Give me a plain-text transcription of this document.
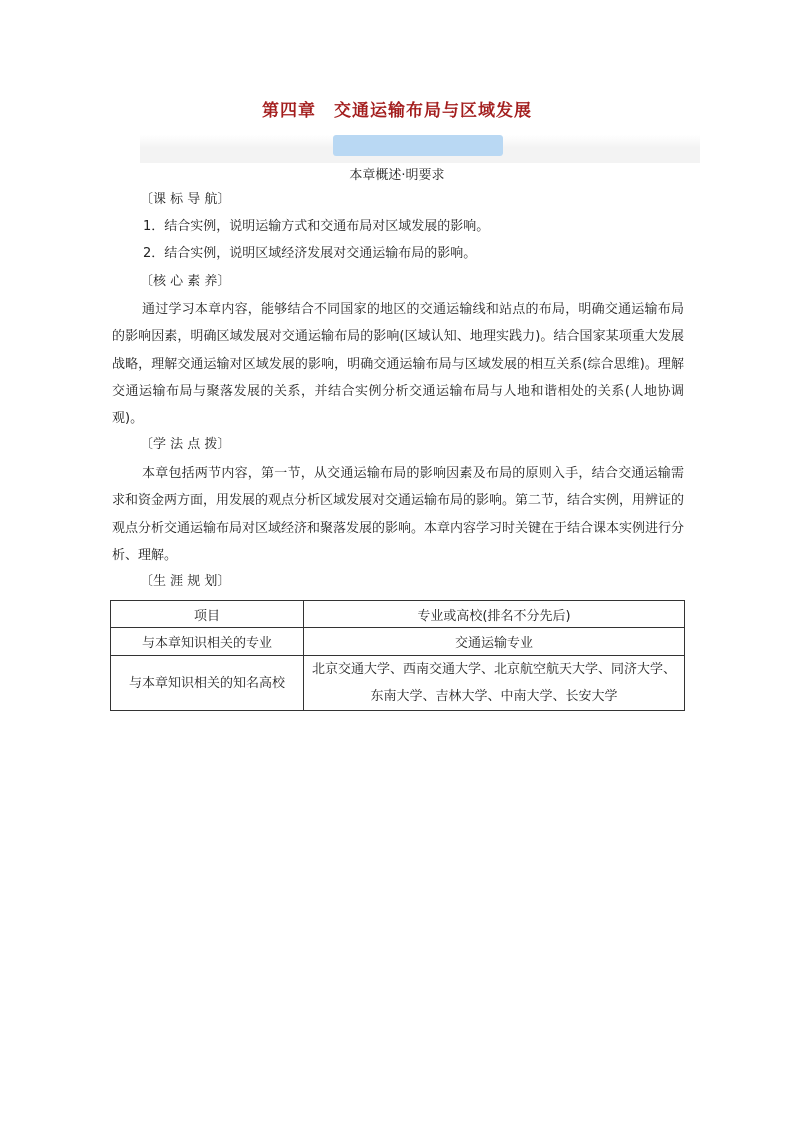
第四章 交通运输布局与区域发展
本章概述·明要求
〔课 标 导 航〕
1．结合实例，说明运输方式和交通布局对区域发展的影响。
2．结合实例，说明区域经济发展对交通运输布局的影响。
〔核 心 素 养〕

通过学习本章内容，能够结合不同国家的地区的交通运输线和站点的布局，明确交通运输布局的影响因素，明确区域发展对交通运输布局的影响(区域认知、地理实践力)。结合国家某项重大发展战略，理解交通运输对区域发展的影响，明确交通运输布局与区域发展的相互关系(综合思维)。理解交通运输布局与聚落发展的关系，并结合实例分析交通运输布局与人地和谐相处的关系(人地协调观)。

〔学 法 点 拨〕

本章包括两节内容，第一节，从交通运输布局的影响因素及布局的原则入手，结合交通运输需求和资金两方面，用发展的观点分析区域发展对交通运输布局的影响。第二节，结合实例，用辨证的观点分析交通运输布局对区域经济和聚落发展的影响。本章内容学习时关键在于结合课本实例进行分析、理解。

〔生 涯 规 划〕
项目	专业或高校(排名不分先后)
与本章知识相关的专业	交通运输专业
与本章知识相关的知名高校	北京交通大学、西南交通大学、北京航空航天大学、同济大学、东南大学、吉林大学、中南大学、长安大学
